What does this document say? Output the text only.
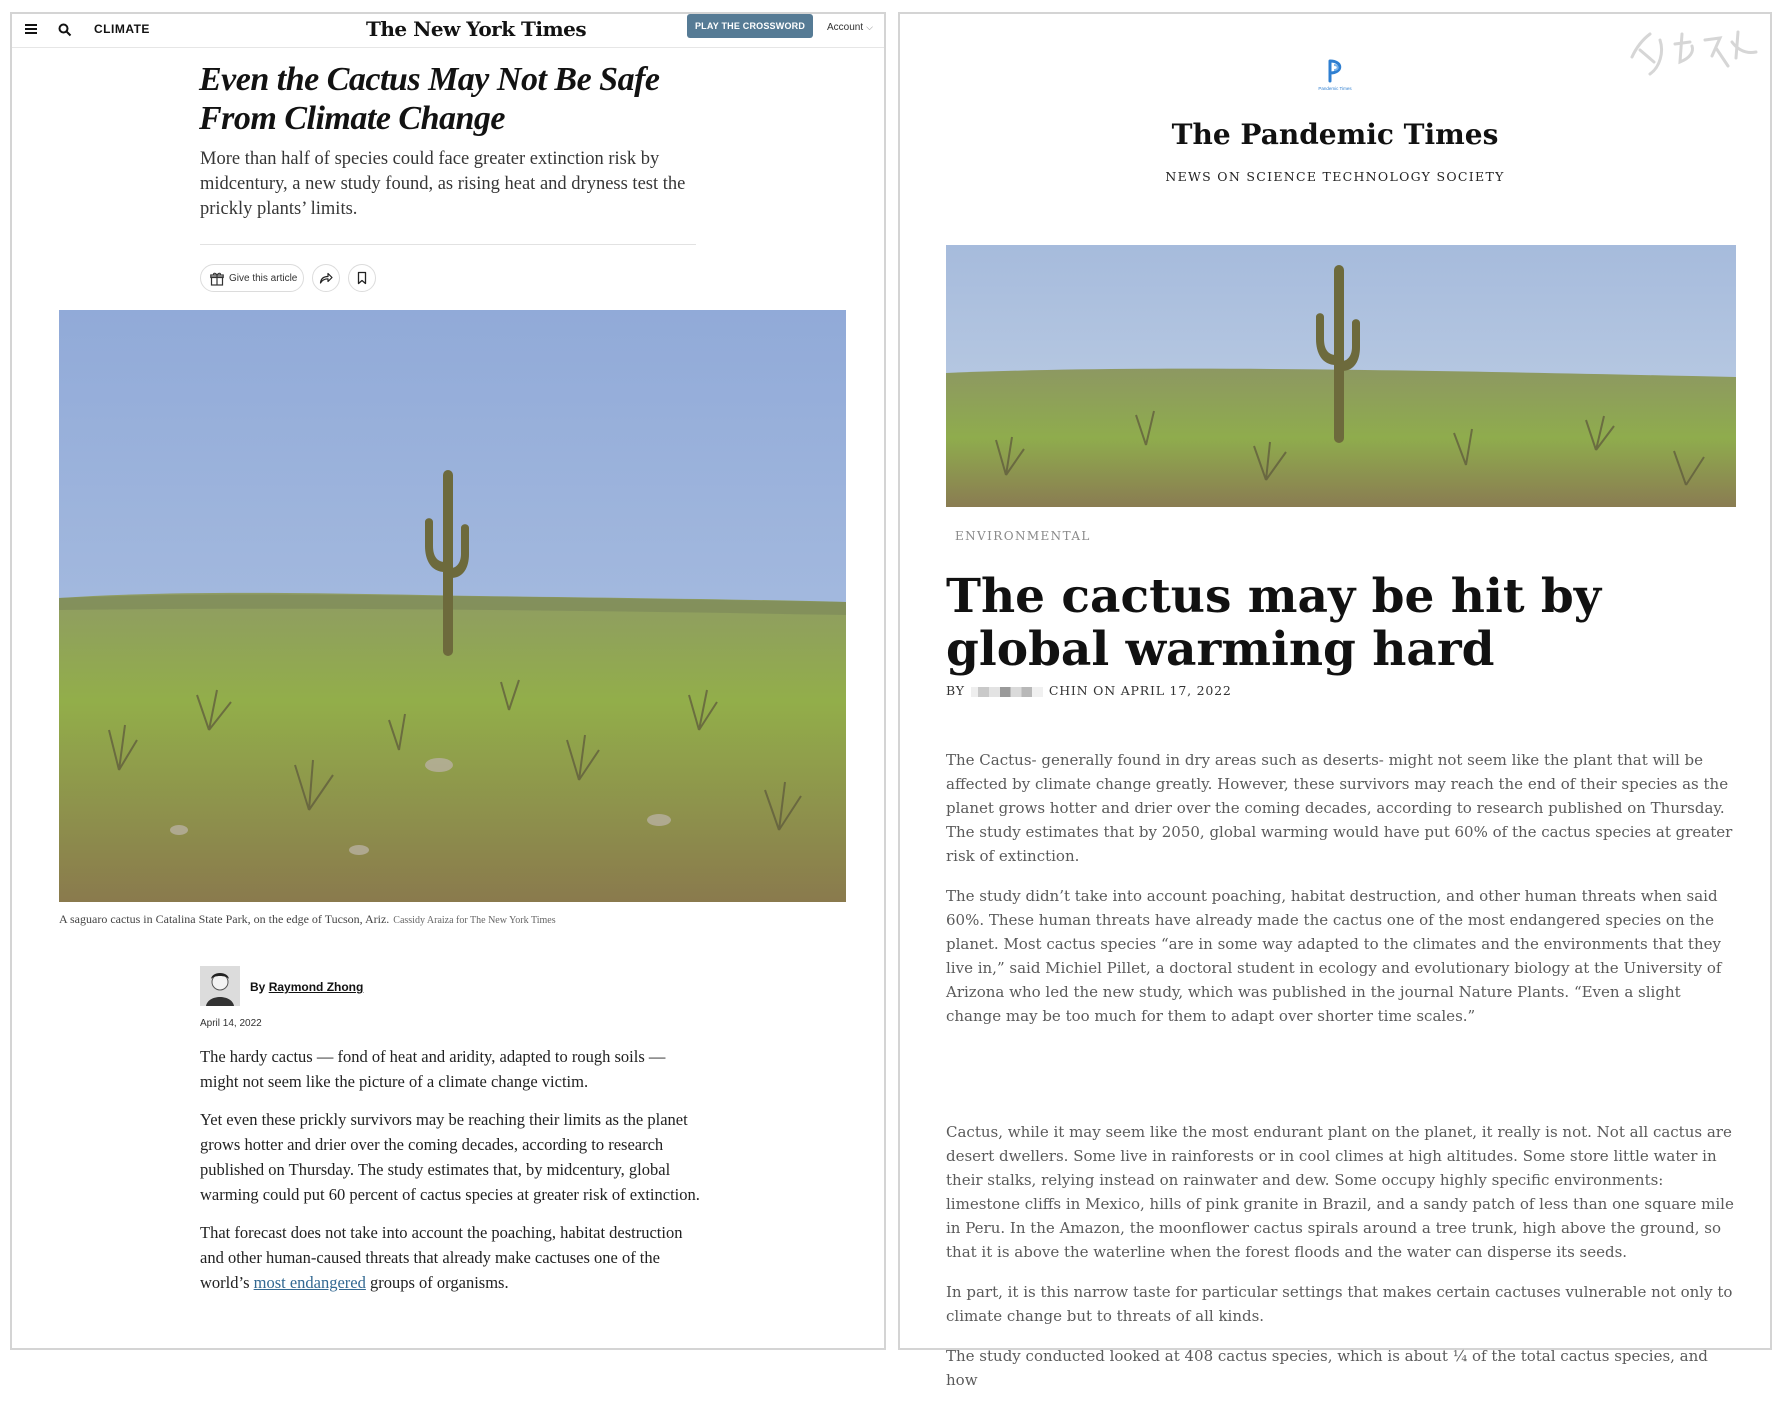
CLIMATE	The New York Times	PLAY THE CROSSWORD	Account ⌵
Even the Cactus May Not Be Safe
From Climate Change

More than half of species could face greater extinction risk by midcentury, a new study found, as rising heat and dryness test the prickly plants’ limits.

Give this article
A saguaro cactus in Catalina State Park, on the edge of Tucson, Ariz. Cassidy Araiza for The New York Times
By Raymond Zhong
April 14, 2022

The hardy cactus — fond of heat and aridity, adapted to rough soils — might not seem like the picture of a climate change victim.

Yet even these prickly survivors may be reaching their limits as the planet grows hotter and drier over the coming decades, according to research published on Thursday. The study estimates that, by midcentury, global warming could put 60 percent of cactus species at greater risk of extinction.

That forecast does not take into account the poaching, habitat destruction and other human-caused threats that already make cactuses one of the world’s most endangered groups of organisms.

Pandemic Times
The Pandemic Times
NEWS ON SCIENCE TECHNOLOGY SOCIETY
ENVIRONMENTAL
The cactus may be hit by global warming hard
BY	CHIN ON APRIL 17, 2022

The Cactus- generally found in dry areas such as deserts- might not seem like the plant that will be affected by climate change greatly. However, these survivors may reach the end of their species as the planet grows hotter and drier over the coming decades, according to research published on Thursday. The study estimates that by 2050, global warming would have put 60% of the cactus species at greater risk of extinction.

The study didn’t take into account poaching, habitat destruction, and other human threats when said 60%. These human threats have already made the cactus one of the most endangered species on the planet. Most cactus species “are in some way adapted to the climates and the environments that they live in,” said Michiel Pillet, a doctoral student in ecology and evolutionary biology at the University of Arizona who led the new study, which was published in the journal Nature Plants. “Even a slight change may be too much for them to adapt over shorter time scales.”

Cactus, while it may seem like the most endurant plant on the planet, it really is not. Not all cactus are desert dwellers. Some live in rainforests or in cool climes at high altitudes. Some store little water in their stalks, relying instead on rainwater and dew. Some occupy highly specific environments: limestone cliffs in Mexico, hills of pink granite in Brazil, and a sandy patch of less than one square mile in Peru. In the Amazon, the moonflower cactus spirals around a tree trunk, high above the ground, so that it is above the waterline when the forest floods and the water can disperse its seeds.

In part, it is this narrow taste for particular settings that makes certain cactuses vulnerable not only to climate change but to threats of all kinds.

The study conducted looked at 408 cactus species, which is about ¼ of the total cactus species, and how
